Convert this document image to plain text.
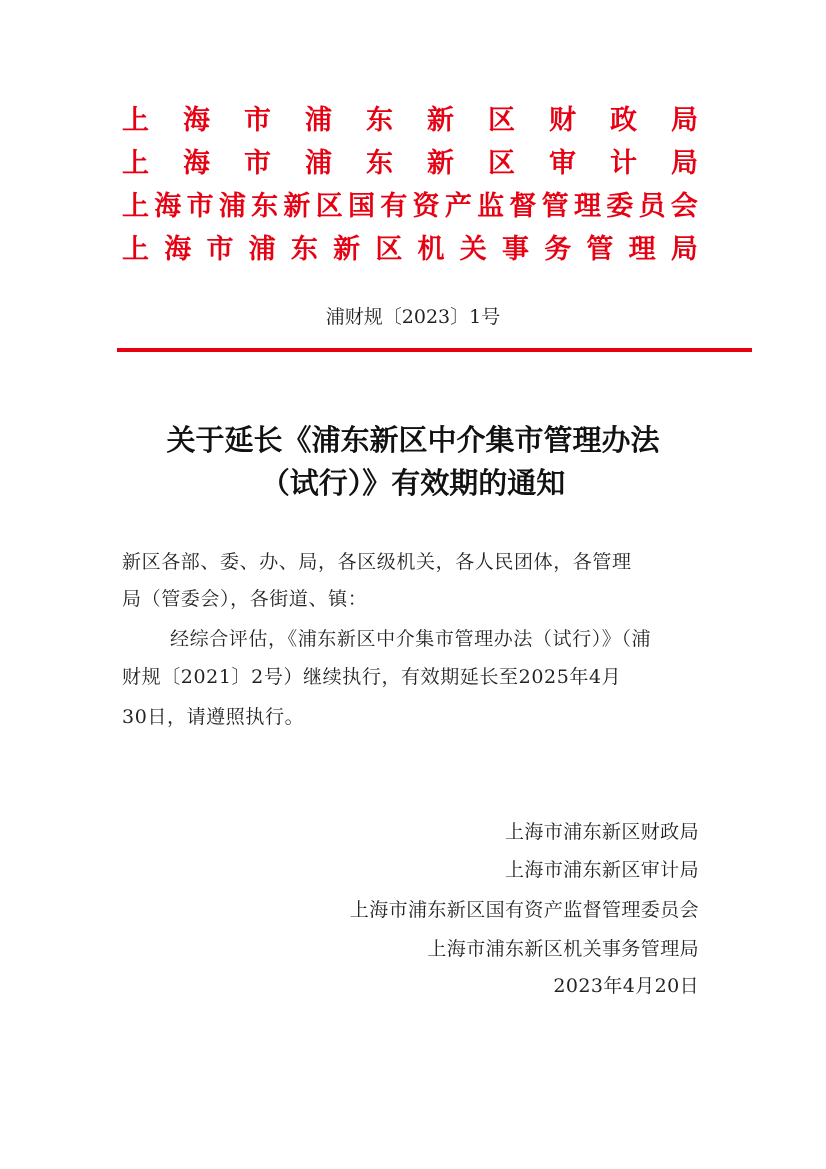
上 海 市 浦 东 新 区 财 政 局
上 海 市 浦 东 新 区 审 计 局
上 海 市 浦 东 新 区 国 有 资 产 监 督 管 理 委 员 会
上 海 市 浦 东 新 区 机 关 事 务 管 理 局
浦财规〔2023〕1号
关于延长《浦东新区中介集市管理办法
（试行）》有效期的通知
新区各部、委、办、局，各区级机关，各人民团体，各管理
局（管委会），各街道、镇：
经综合评估，《浦东新区中介集市管理办法（试行）》（浦
财规〔2021〕2号）继续执行，有效期延长至2025年4月
30日，请遵照执行。
上海市浦东新区财政局
上海市浦东新区审计局
上海市浦东新区国有资产监督管理委员会
上海市浦东新区机关事务管理局
2023年4月20日
